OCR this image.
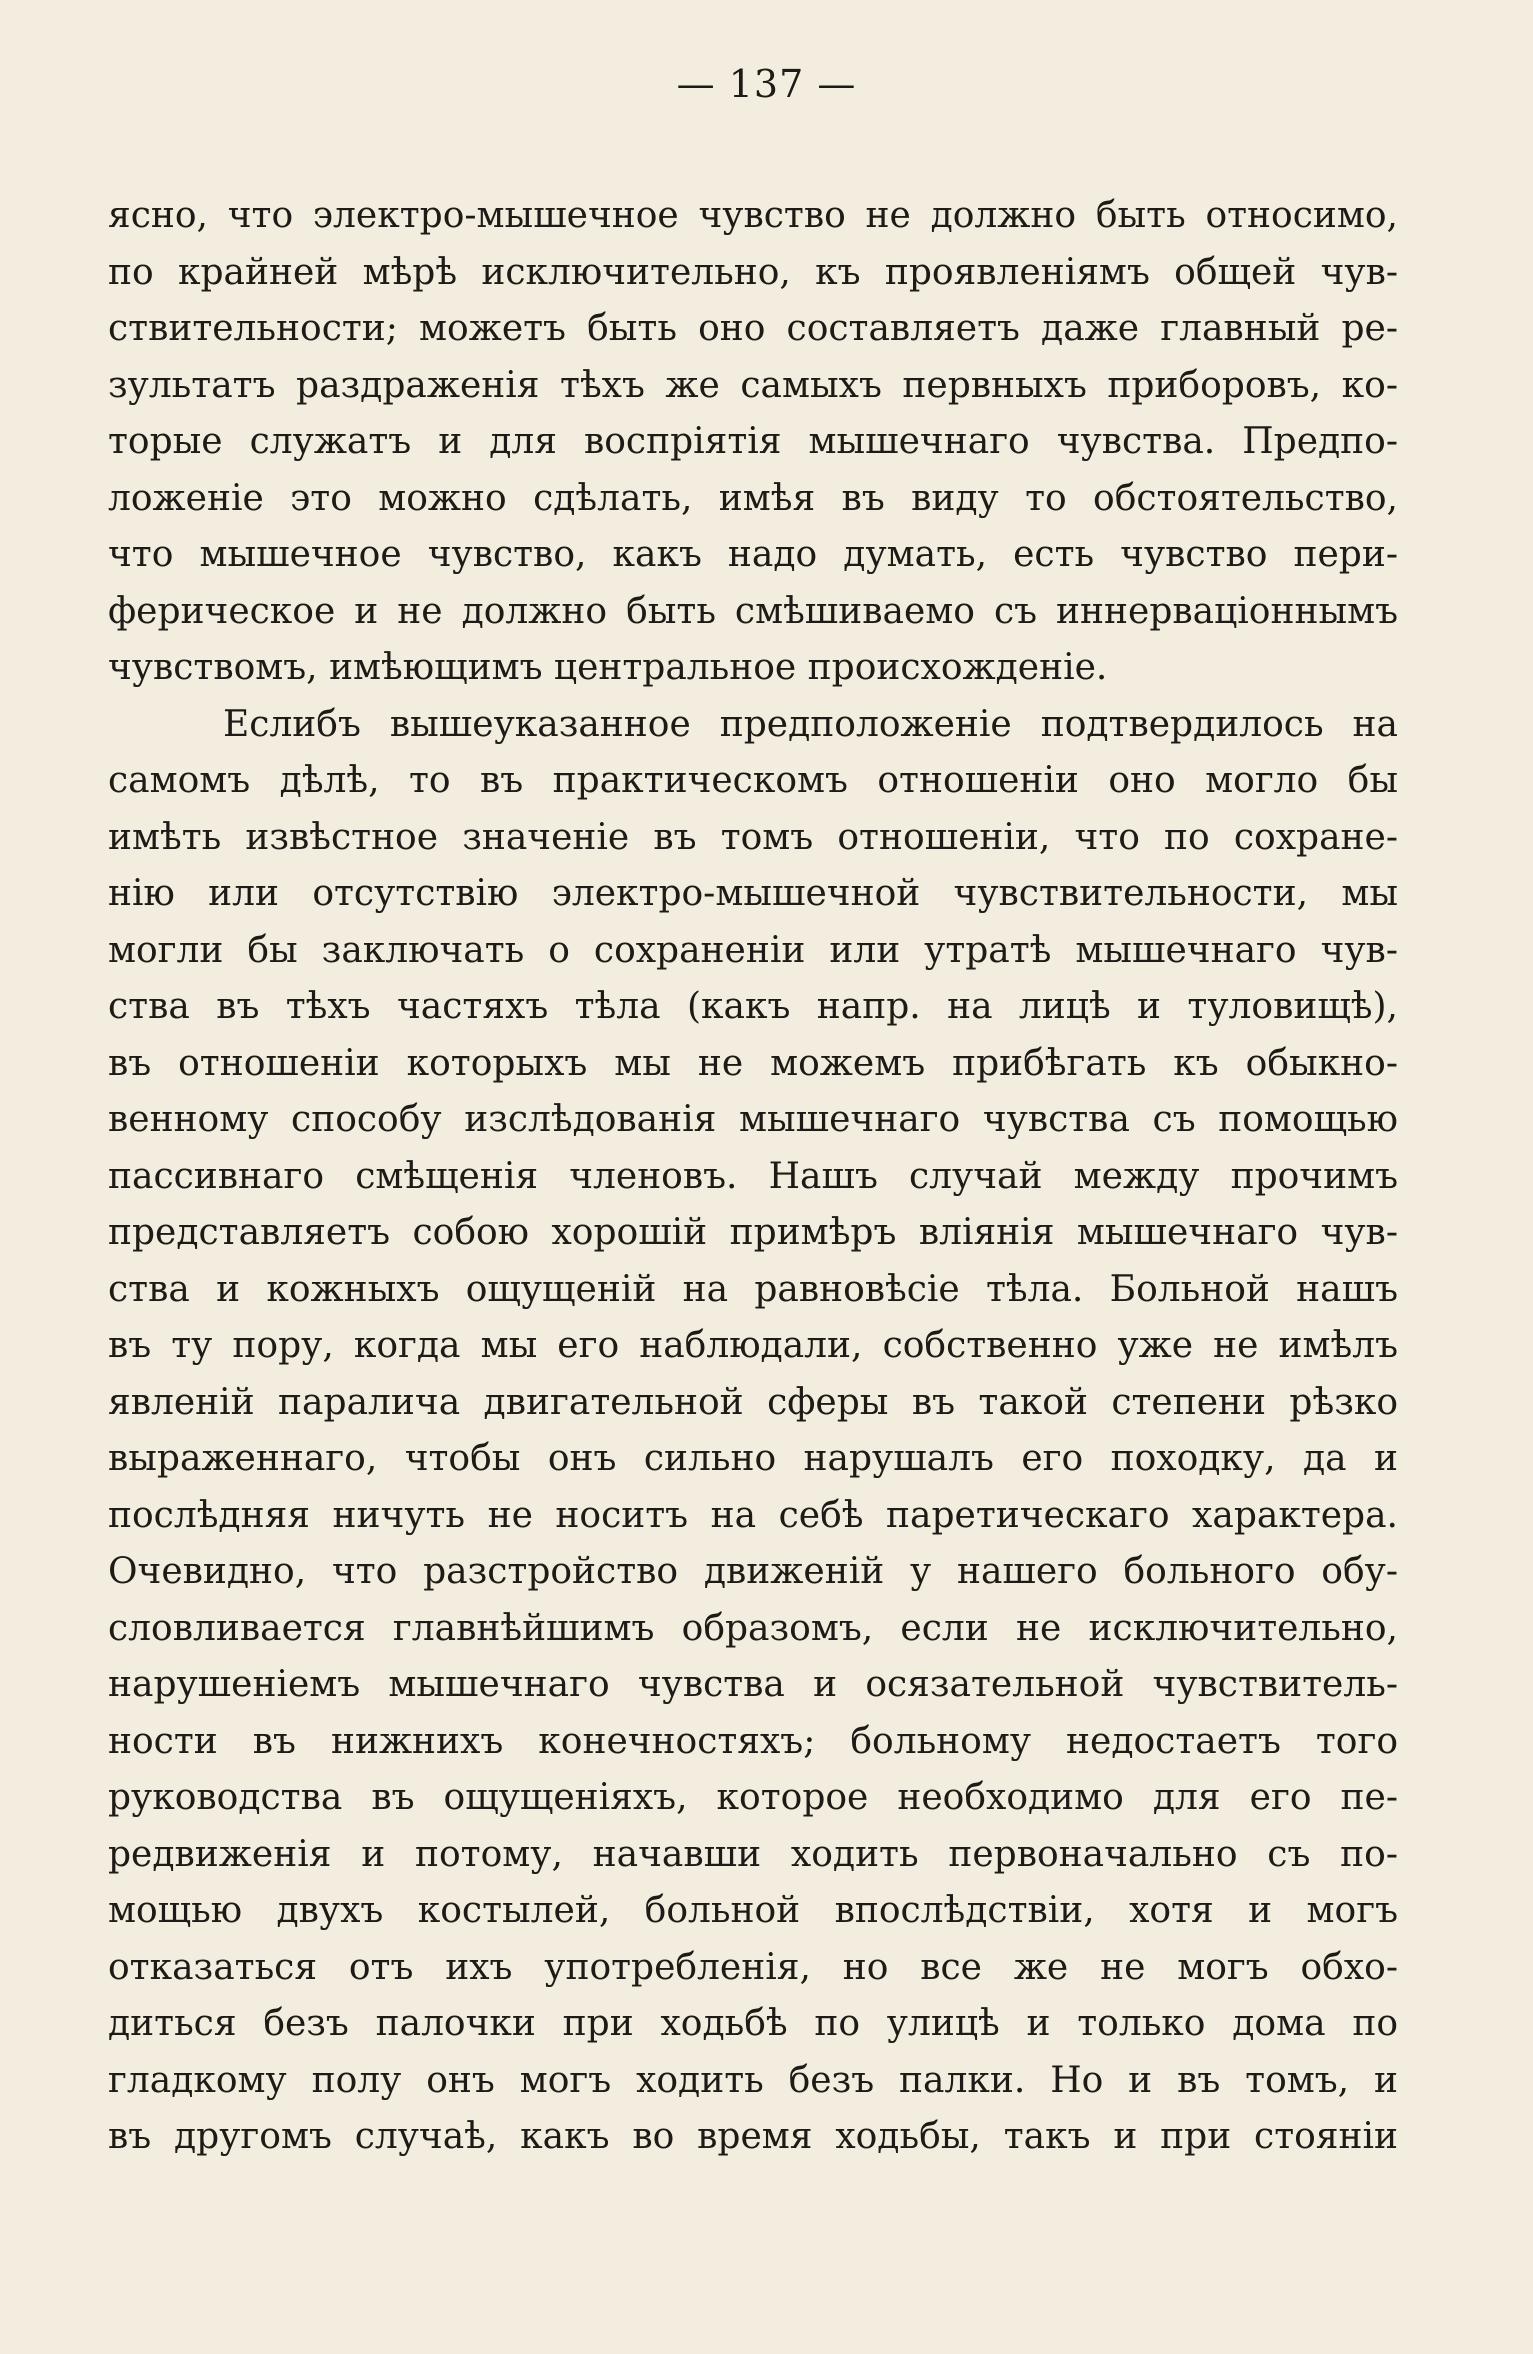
— 137 —
ясно, что электро-мышечное чувство не должно быть относимо,
по крайней мѣрѣ исключительно, къ проявленіямъ общей чув-
ствительности; можетъ быть оно составляетъ даже главный ре-
зультатъ раздраженія тѣхъ же самыхъ первныхъ приборовъ, ко-
торые служатъ и для воспріятія мышечнаго чувства. Предпо-
ложеніе это можно сдѣлать, имѣя въ виду то обстоятельство,
что мышечное чувство, какъ надо думать, есть чувство пери-
ферическое и не должно быть смѣшиваемо съ иннерваціоннымъ
чувствомъ, имѣющимъ центральное происхожденіе.
Еслибъ вышеуказанное предположеніе подтвердилось на
самомъ дѣлѣ, то въ практическомъ отношеніи оно могло бы
имѣть извѣстное значеніе въ томъ отношеніи, что по сохране-
нію или отсутствію электро-мышечной чувствительности, мы
могли бы заключать о сохраненіи или утратѣ мышечнаго чув-
ства въ тѣхъ частяхъ тѣла (какъ напр. на лицѣ и туловищѣ),
въ отношеніи которыхъ мы не можемъ прибѣгать къ обыкно-
венному способу изслѣдованія мышечнаго чувства съ помощью
пассивнаго смѣщенія членовъ. Нашъ случай между прочимъ
представляетъ собою хорошій примѣръ вліянія мышечнаго чув-
ства и кожныхъ ощущеній на равновѣсіе тѣла. Больной нашъ
въ ту пору, когда мы его наблюдали, собственно уже не имѣлъ
явленій паралича двигательной сферы въ такой степени рѣзко
выраженнаго, чтобы онъ сильно нарушалъ его походку, да и
послѣдняя ничуть не носитъ на себѣ паретическаго характера.
Очевидно, что разстройство движеній у нашего больного обу-
словливается главнѣйшимъ образомъ, если не исключительно,
нарушеніемъ мышечнаго чувства и осязательной чувствитель-
ности въ нижнихъ конечностяхъ; больному недостаетъ того
руководства въ ощущеніяхъ, которое необходимо для его пе-
редвиженія и потому, начавши ходить первоначально съ по-
мощью двухъ костылей, больной впослѣдствіи, хотя и могъ
отказаться отъ ихъ употребленія, но все же не могъ обхо-
диться безъ палочки при ходьбѣ по улицѣ и только дома по
гладкому полу онъ могъ ходить безъ палки. Но и въ томъ, и
въ другомъ случаѣ, какъ во время ходьбы, такъ и при стояніи
